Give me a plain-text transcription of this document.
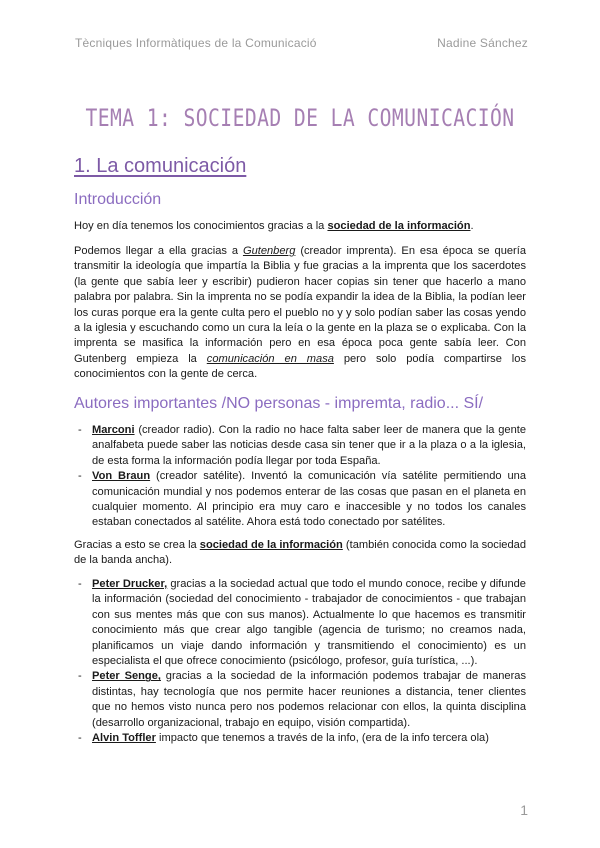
Tècniques Informàtiques de la Comunicació	Nadine Sánchez
TEMA 1: SOCIEDAD DE LA COMUNICACIÓN
1. La comunicación
Introducción
Hoy en día tenemos los conocimientos gracias a la sociedad de la información.
Podemos llegar a ella gracias a Gutenberg (creador imprenta). En esa época se quería transmitir la ideología que impartía la Biblia y fue gracias a la imprenta que los sacerdotes (la gente que sabía leer y escribir) pudieron hacer copias sin tener que hacerlo a mano palabra por palabra. Sin la imprenta no se podía expandir la idea de la Biblia, la podían leer los curas porque era la gente culta pero el pueblo no y y solo podían saber las cosas yendo a la iglesia y escuchando como un cura la leía o la gente en la plaza se o explicaba. Con la imprenta se masifica la información pero en esa época poca gente sabía leer. Con Gutenberg empieza la comunicación en masa pero solo podía compartirse los conocimientos con la gente de cerca.
Autores importantes /NO personas - impremta, radio... SÍ/
- Marconi (creador radio). Con la radio no hace falta saber leer de manera que la gente analfabeta puede saber las noticias desde casa sin tener que ir a la plaza o a la iglesia, de esta forma la información podía llegar por toda España.
- Von Braun (creador satélite). Inventó la comunicación vía satélite permitiendo una comunicación mundial y nos podemos enterar de las cosas que pasan en el planeta en cualquier momento. Al principio era muy caro e inaccesible y no todos los canales estaban conectados al satélite. Ahora está todo conectado por satélites.
Gracias a esto se crea la sociedad de la información (también conocida como la sociedad de la banda ancha).
- Peter Drucker, gracias a la sociedad actual que todo el mundo conoce, recibe y difunde la información (sociedad del conocimiento - trabajador de conocimientos - que trabajan con sus mentes más que con sus manos). Actualmente lo que hacemos es transmitir conocimiento más que crear algo tangible (agencia de turismo; no creamos nada, planificamos un viaje dando información y transmitiendo el conocimiento) es un especialista el que ofrece conocimiento (psicólogo, profesor, guía turística, ...).
- Peter Senge, gracias a la sociedad de la información podemos trabajar de maneras distintas, hay tecnología que nos permite hacer reuniones a distancia, tener clientes que no hemos visto nunca pero nos podemos relacionar con ellos, la quinta disciplina (desarrollo organizacional, trabajo en equipo, visión compartida).
- Alvin Toffler impacto que tenemos a través de la info, (era de la info tercera ola)
1
